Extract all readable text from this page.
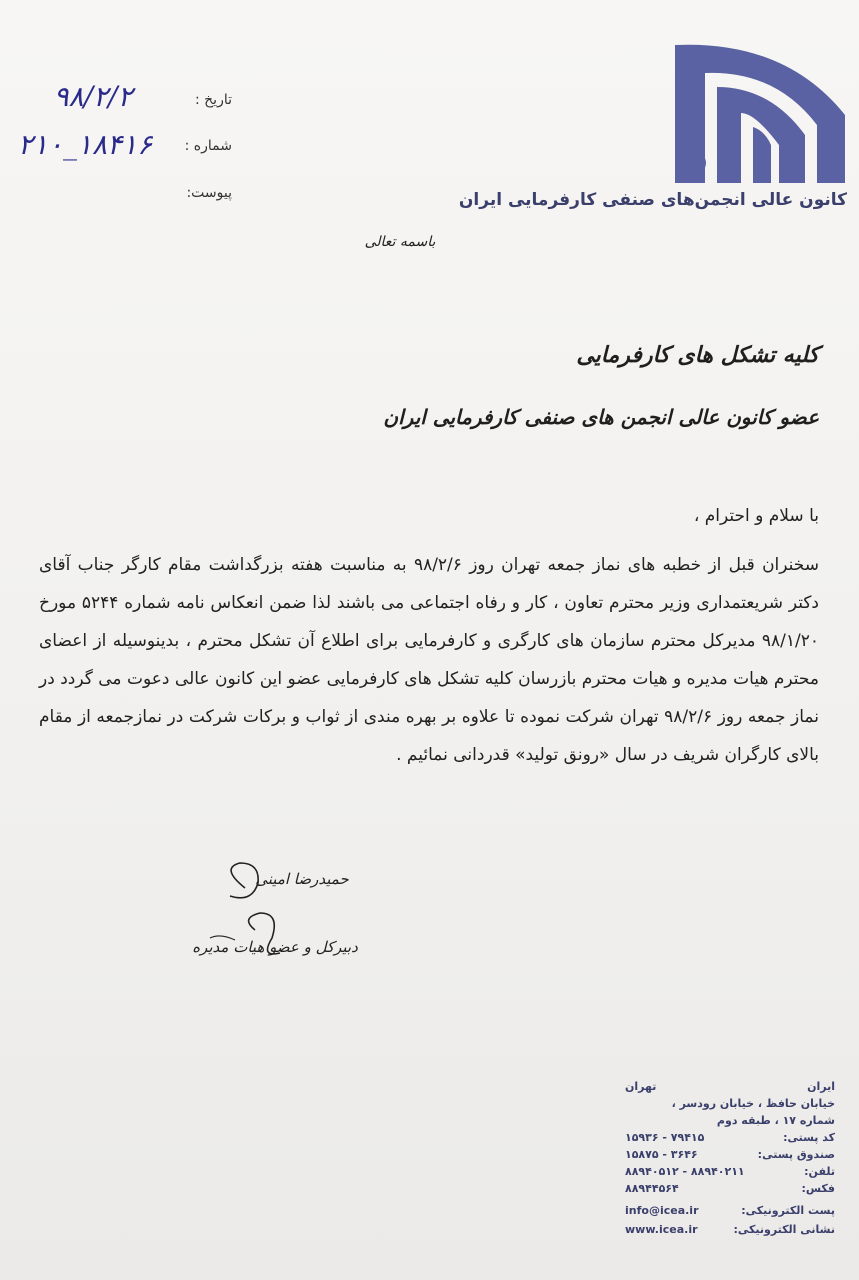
کانون عالی انجمن‌های صنفی کارفرمایی ایران
تاریخ :
۹۸/۲/۲
شماره :
۱۸۴۱۶_۲۱۰
پیوست:
باسمه تعالی
کلیه تشکل های کارفرمایی
عضو کانون عالی انجمن های صنفی کارفرمایی ایران
با سلام و احترام ،

سخنران قبل از خطبه های نماز جمعه تهران روز ۹۸/۲/۶ به مناسبت هفته بزرگداشت مقام کارگر جناب آقای دکتر شریعتمداری وزیر محترم تعاون ، کار و رفاه اجتماعی می باشند لذا ضمن انعکاس نامه شماره ۵۲۴۴ مورخ ۹۸/۱/۲۰ مدیرکل محترم سازمان های کارگری و کارفرمایی برای اطلاع آن تشکل محترم ، بدینوسیله از اعضای محترم هیات مدیره و هیات محترم بازرسان کلیه تشکل های کارفرمایی عضو این کانون عالی دعوت می گردد در نماز جمعه روز ۹۸/۲/۶ تهران شرکت نموده تا علاوه بر بهره مندی از ثواب و برکات شرکت در نمازجمعه از مقام بالای کارگران شریف در سال «رونق تولید» قدردانی نمائیم .

حمیدرضا امینی
دبیرکل و عضو هیات مدیره
ایران
تهران
خیابان حافظ ، خیابان رودسر ،
شماره ۱۷ ، طبقه دوم
کد پستی:
۱۵۹۳۶ - ۷۹۴۱۵
صندوق پستی:
۱۵۸۷۵ - ۳۶۴۶
تلفن:
۸۸۹۴۰۵۱۲ - ۸۸۹۴۰۲۱۱
فکس:
۸۸۹۴۴۵۶۴
پست الکترونیکی:
info@icea.ir
نشانی الکترونیکی:
www.icea.ir
